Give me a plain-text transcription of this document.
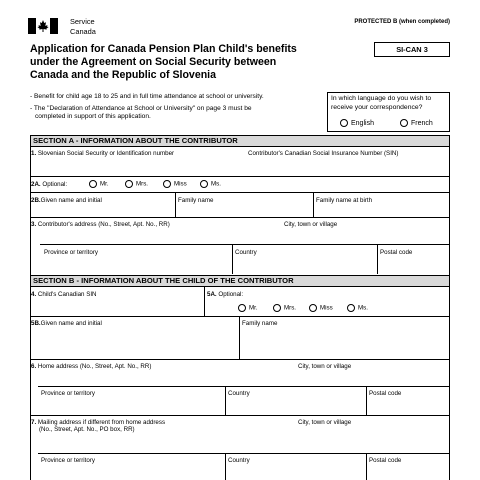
Service
Canada
PROTECTED B (when completed)
SI-CAN 3
Application for Canada Pension Plan Child's benefits
under the Agreement on Social Security between
Canada and the Republic of Slovenia
- Benefit for child age 18 to 25 and in full time attendance at school or university.
- The "Declaration of Attendance at School or University" on page 3 must be
completed in support of this application.
In which language do you wish to
receive your correspondence?
English	French
SECTION A - INFORMATION ABOUT THE CONTRIBUTOR
1. Slovenian Social Security or Identification number	Contributor's Canadian Social Insurance Number (SIN)
2A. Optional:	Mr.	Mrs.	Miss	Ms.
2B.Given name and initial	Family name	Family name at birth
3. Contributor's address (No., Street, Apt. No., RR)	City, town or village
Province or territory	Country	Postal code
SECTION B - INFORMATION ABOUT THE CHILD OF THE CONTRIBUTOR
4. Child's Canadian SIN	5A. Optional:
Mr.	Mrs.	Miss	Ms.
5B.Given name and initial	Family name
6. Home address (No., Street, Apt. No., RR)	City, town or village
Province or territory	Country	Postal code
7. Mailing address if different from home address
(No., Street, Apt. No., PO box, RR)
City, town or village
Province or territory	Country	Postal code
